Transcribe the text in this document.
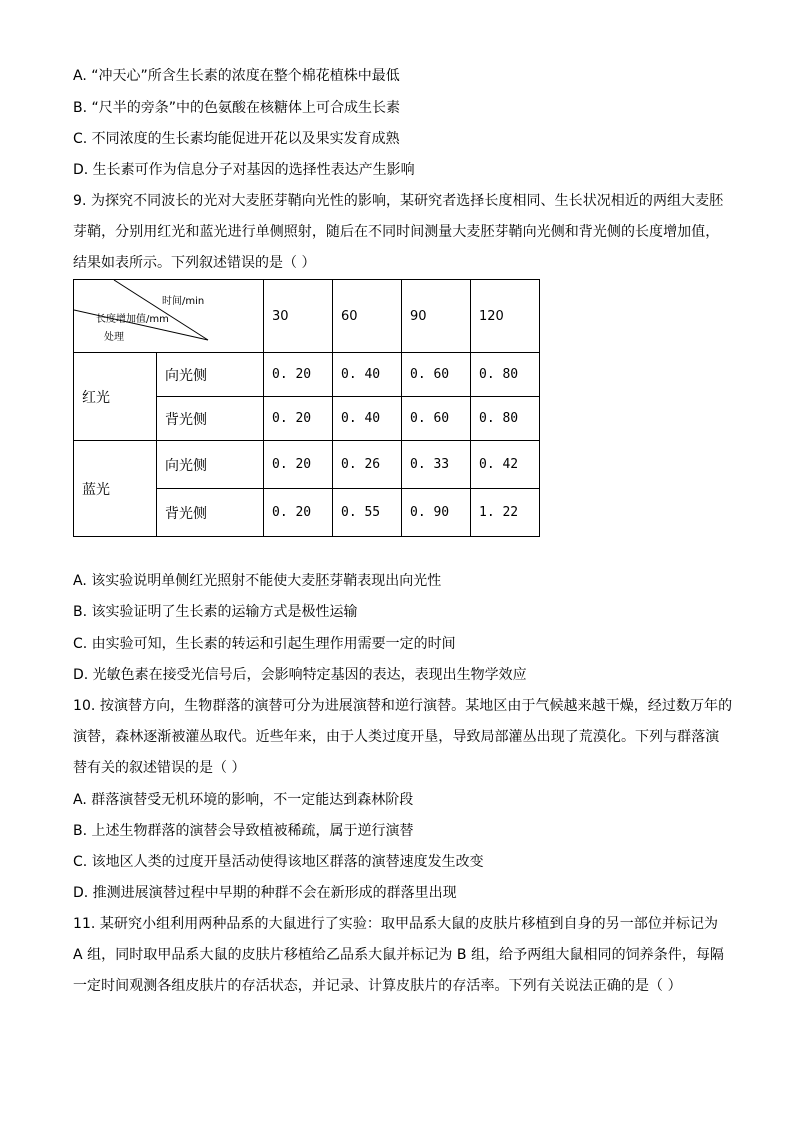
A. “冲天心”所含生长素的浓度在整个棉花植株中最低
B. “尺半的旁条”中的色氨酸在核糖体上可合成生长素
C. 不同浓度的生长素均能促进开花以及果实发育成熟
D. 生长素可作为信息分子对基因的选择性表达产生影响
9. 为探究不同波长的光对大麦胚芽鞘向光性的影响，某研究者选择长度相同、生长状况相近的两组大麦胚
芽鞘，分别用红光和蓝光进行单侧照射，随后在不同时间测量大麦胚芽鞘向光侧和背光侧的长度增加值，
结果如表所示。下列叙述错误的是（ ）
时间/min
长度增加值/mm
处理		30	60	90	120
红光	向光侧	0. 20	0. 40	0. 60	0. 80
	背光侧	0. 20	0. 40	0. 60	0. 80
蓝光	向光侧	0. 20	0. 26	0. 33	0. 42
	背光侧	0. 20	0. 55	0. 90	1. 22
A. 该实验说明单侧红光照射不能使大麦胚芽鞘表现出向光性
B. 该实验证明了生长素的运输方式是极性运输
C. 由实验可知，生长素的转运和引起生理作用需要一定的时间
D. 光敏色素在接受光信号后，会影响特定基因的表达，表现出生物学效应
10. 按演替方向，生物群落的演替可分为进展演替和逆行演替。某地区由于气候越来越干燥，经过数万年的
演替，森林逐渐被灌丛取代。近些年来，由于人类过度开垦，导致局部灌丛出现了荒漠化。下列与群落演
替有关的叙述错误的是（ ）
A. 群落演替受无机环境的影响，不一定能达到森林阶段
B. 上述生物群落的演替会导致植被稀疏，属于逆行演替
C. 该地区人类的过度开垦活动使得该地区群落的演替速度发生改变
D. 推测进展演替过程中早期的种群不会在新形成的群落里出现
11. 某研究小组利用两种品系的大鼠进行了实验：取甲品系大鼠的皮肤片移植到自身的另一部位并标记为
A 组，同时取甲品系大鼠的皮肤片移植给乙品系大鼠并标记为 B 组，给予两组大鼠相同的饲养条件，每隔
一定时间观测各组皮肤片的存活状态，并记录、计算皮肤片的存活率。下列有关说法正确的是（ ）
